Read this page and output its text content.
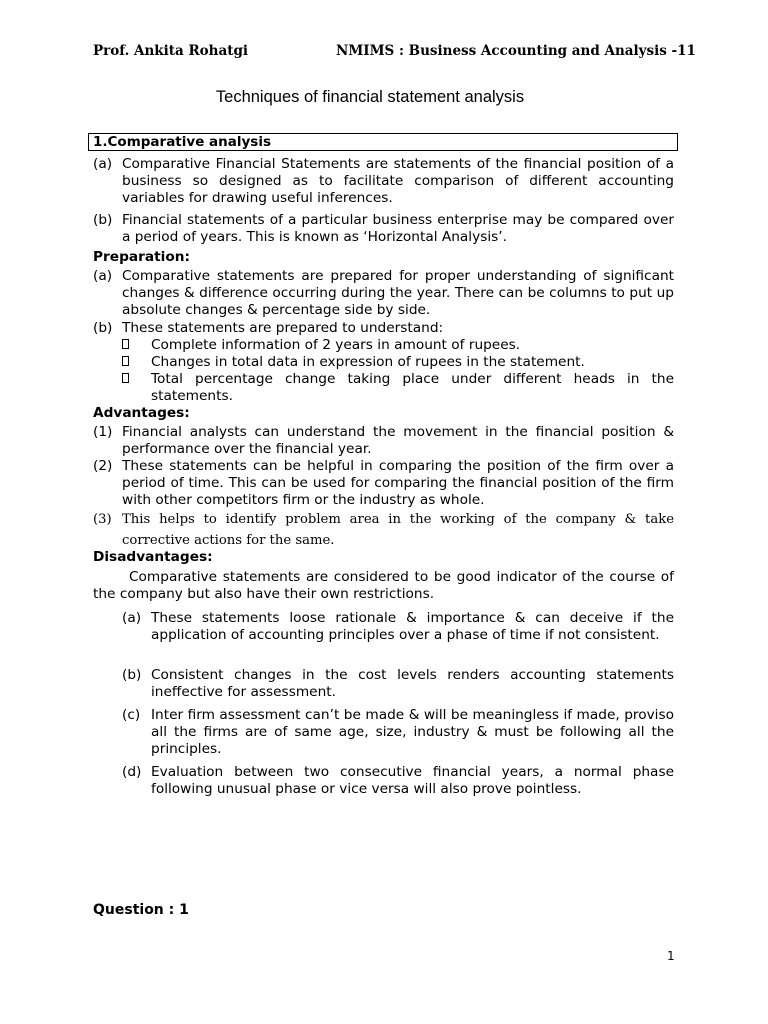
Prof. Ankita Rohatgi	NMIMS : Business Accounting and Analysis -11
Techniques of financial statement analysis
1.Comparative analysis
(a) Comparative Financial Statements are statements of the financial position of a business so designed as to facilitate comparison of different accounting variables for drawing useful inferences.
(b) Financial statements of a particular business enterprise may be compared over a period of years. This is known as ‘Horizontal Analysis’.
Preparation:
(a) Comparative statements are prepared for proper understanding of significant changes & difference occurring during the year. There can be columns to put up absolute changes & percentage side by side.
(b) These statements are prepared to understand:
Complete information of 2 years in amount of rupees.
Changes in total data in expression of rupees in the statement.
Total percentage change taking place under different heads in the statements.
Advantages:
(1) Financial analysts can understand the movement in the financial position & performance over the financial year.
(2) These statements can be helpful in comparing the position of the firm over a period of time. This can be used for comparing the financial position of the firm with other competitors firm or the industry as whole.
(3) This helps to identify problem area in the working of the company & take corrective actions for the same.
Disadvantages:
Comparative statements are considered to be good indicator of the course of the company but also have their own restrictions.
(a) These statements loose rationale & importance & can deceive if the application of accounting principles over a phase of time if not consistent.
(b) Consistent changes in the cost levels renders accounting statements ineffective for assessment.
(c) Inter firm assessment can’t be made & will be meaningless if made, proviso all the firms are of same age, size, industry & must be following all the principles.
(d) Evaluation between two consecutive financial years, a normal phase following unusual phase or vice versa will also prove pointless.
Question : 1
1
